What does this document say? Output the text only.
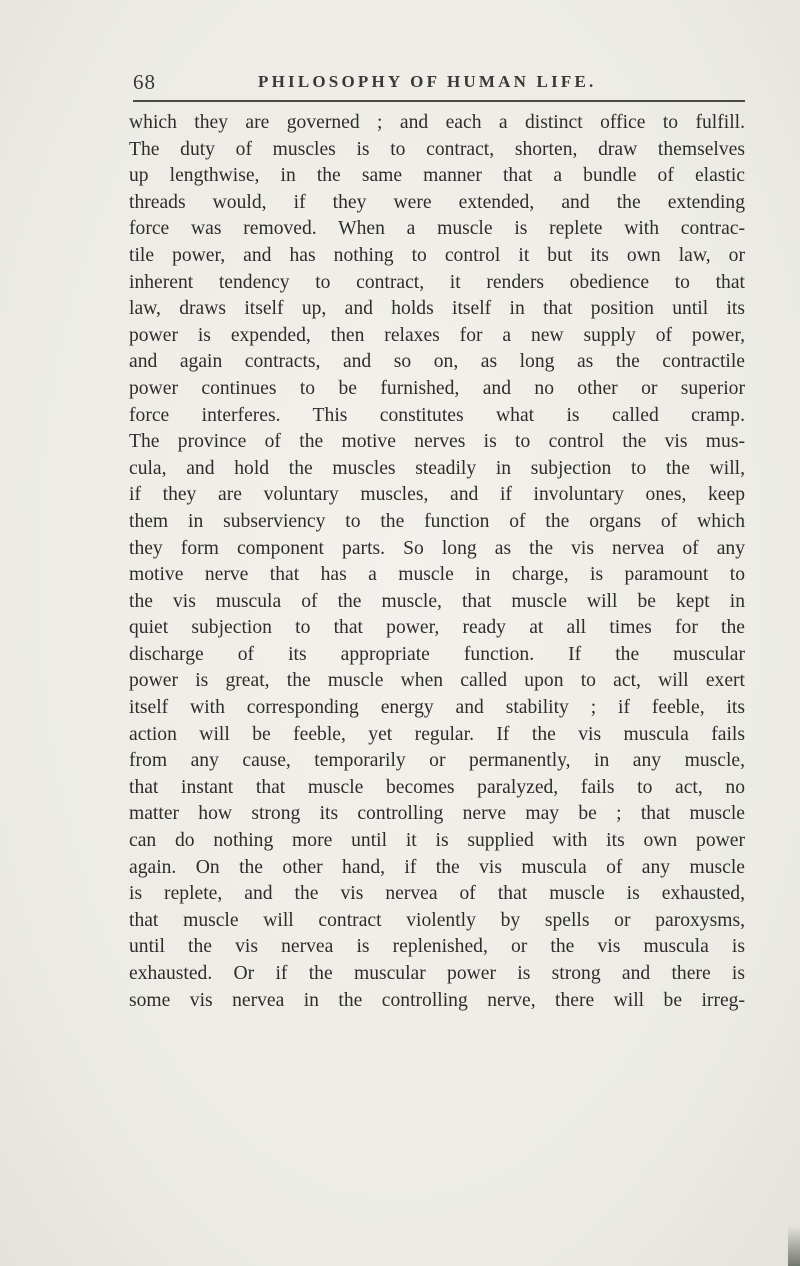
68	PHILOSOPHY OF HUMAN LIFE.
which they are governed ; and each a distinct office to fulfill.
The duty of muscles is to contract, shorten, draw themselves
up lengthwise, in the same manner that a bundle of elastic
threads would, if they were extended, and the extending
force was removed. When a muscle is replete with contrac-
tile power, and has nothing to control it but its own law, or
inherent tendency to contract, it renders obedience to that
law, draws itself up, and holds itself in that position until its
power is expended, then relaxes for a new supply of power,
and again contracts, and so on, as long as the contractile
power continues to be furnished, and no other or superior
force interferes. This constitutes what is called cramp.
The province of the motive nerves is to control the vis mus-
cula, and hold the muscles steadily in subjection to the will,
if they are voluntary muscles, and if involuntary ones, keep
them in subserviency to the function of the organs of which
they form component parts. So long as the vis nervea of any
motive nerve that has a muscle in charge, is paramount to
the vis muscula of the muscle, that muscle will be kept in
quiet subjection to that power, ready at all times for the
discharge of its appropriate function. If the muscular
power is great, the muscle when called upon to act, will exert
itself with corresponding energy and stability ; if feeble, its
action will be feeble, yet regular. If the vis muscula fails
from any cause, temporarily or permanently, in any muscle,
that instant that muscle becomes paralyzed, fails to act, no
matter how strong its controlling nerve may be ; that muscle
can do nothing more until it is supplied with its own power
again. On the other hand, if the vis muscula of any muscle
is replete, and the vis nervea of that muscle is exhausted,
that muscle will contract violently by spells or paroxysms,
until the vis nervea is replenished, or the vis muscula is
exhausted. Or if the muscular power is strong and there is
some vis nervea in the controlling nerve, there will be irreg-
